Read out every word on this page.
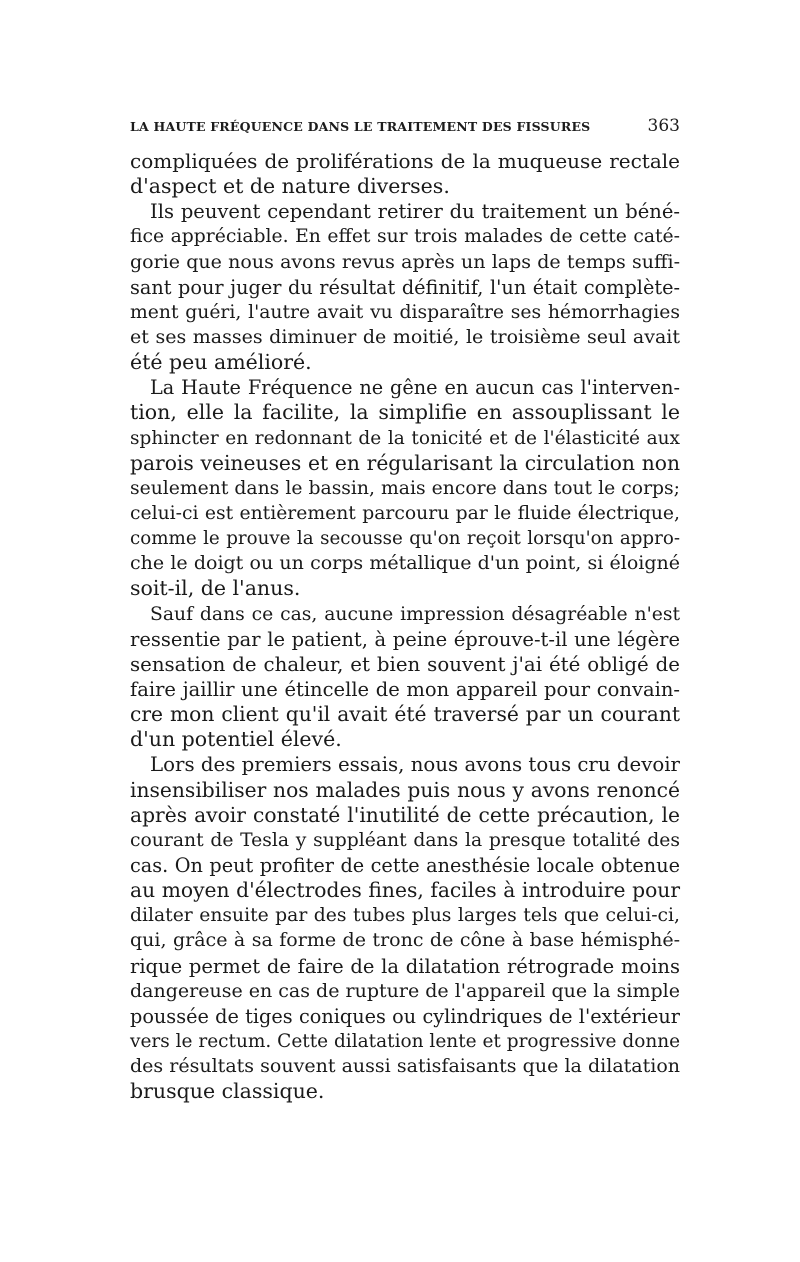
LA HAUTE FRÉQUENCE DANS LE TRAITEMENT DES FISSURES	363
compliquées de proliférations de la muqueuse rectale
d'aspect et de nature diverses.
Ils peuvent cependant retirer du traitement un béné-
fice appréciable. En effet sur trois malades de cette caté-
gorie que nous avons revus après un laps de temps suffi-
sant pour juger du résultat définitif, l'un était complète-
ment guéri, l'autre avait vu disparaître ses hémorrhagies
et ses masses diminuer de moitié, le troisième seul avait
été peu amélioré.
La Haute Fréquence ne gêne en aucun cas l'interven-
tion, elle la facilite, la simplifie en assouplissant le
sphincter en redonnant de la tonicité et de l'élasticité aux
parois veineuses et en régularisant la circulation non
seulement dans le bassin, mais encore dans tout le corps;
celui-ci est entièrement parcouru par le fluide électrique,
comme le prouve la secousse qu'on reçoit lorsqu'on appro-
che le doigt ou un corps métallique d'un point, si éloigné
soit-il, de l'anus.
Sauf dans ce cas, aucune impression désagréable n'est
ressentie par le patient, à peine éprouve-t-il une légère
sensation de chaleur, et bien souvent j'ai été obligé de
faire jaillir une étincelle de mon appareil pour convain-
cre mon client qu'il avait été traversé par un courant
d'un potentiel élevé.
Lors des premiers essais, nous avons tous cru devoir
insensibiliser nos malades puis nous y avons renoncé
après avoir constaté l'inutilité de cette précaution, le
courant de Tesla y suppléant dans la presque totalité des
cas. On peut profiter de cette anesthésie locale obtenue
au moyen d'électrodes fines, faciles à introduire pour
dilater ensuite par des tubes plus larges tels que celui-ci,
qui, grâce à sa forme de tronc de cône à base hémisphé-
rique permet de faire de la dilatation rétrograde moins
dangereuse en cas de rupture de l'appareil que la simple
poussée de tiges coniques ou cylindriques de l'extérieur
vers le rectum. Cette dilatation lente et progressive donne
des résultats souvent aussi satisfaisants que la dilatation
brusque classique.
